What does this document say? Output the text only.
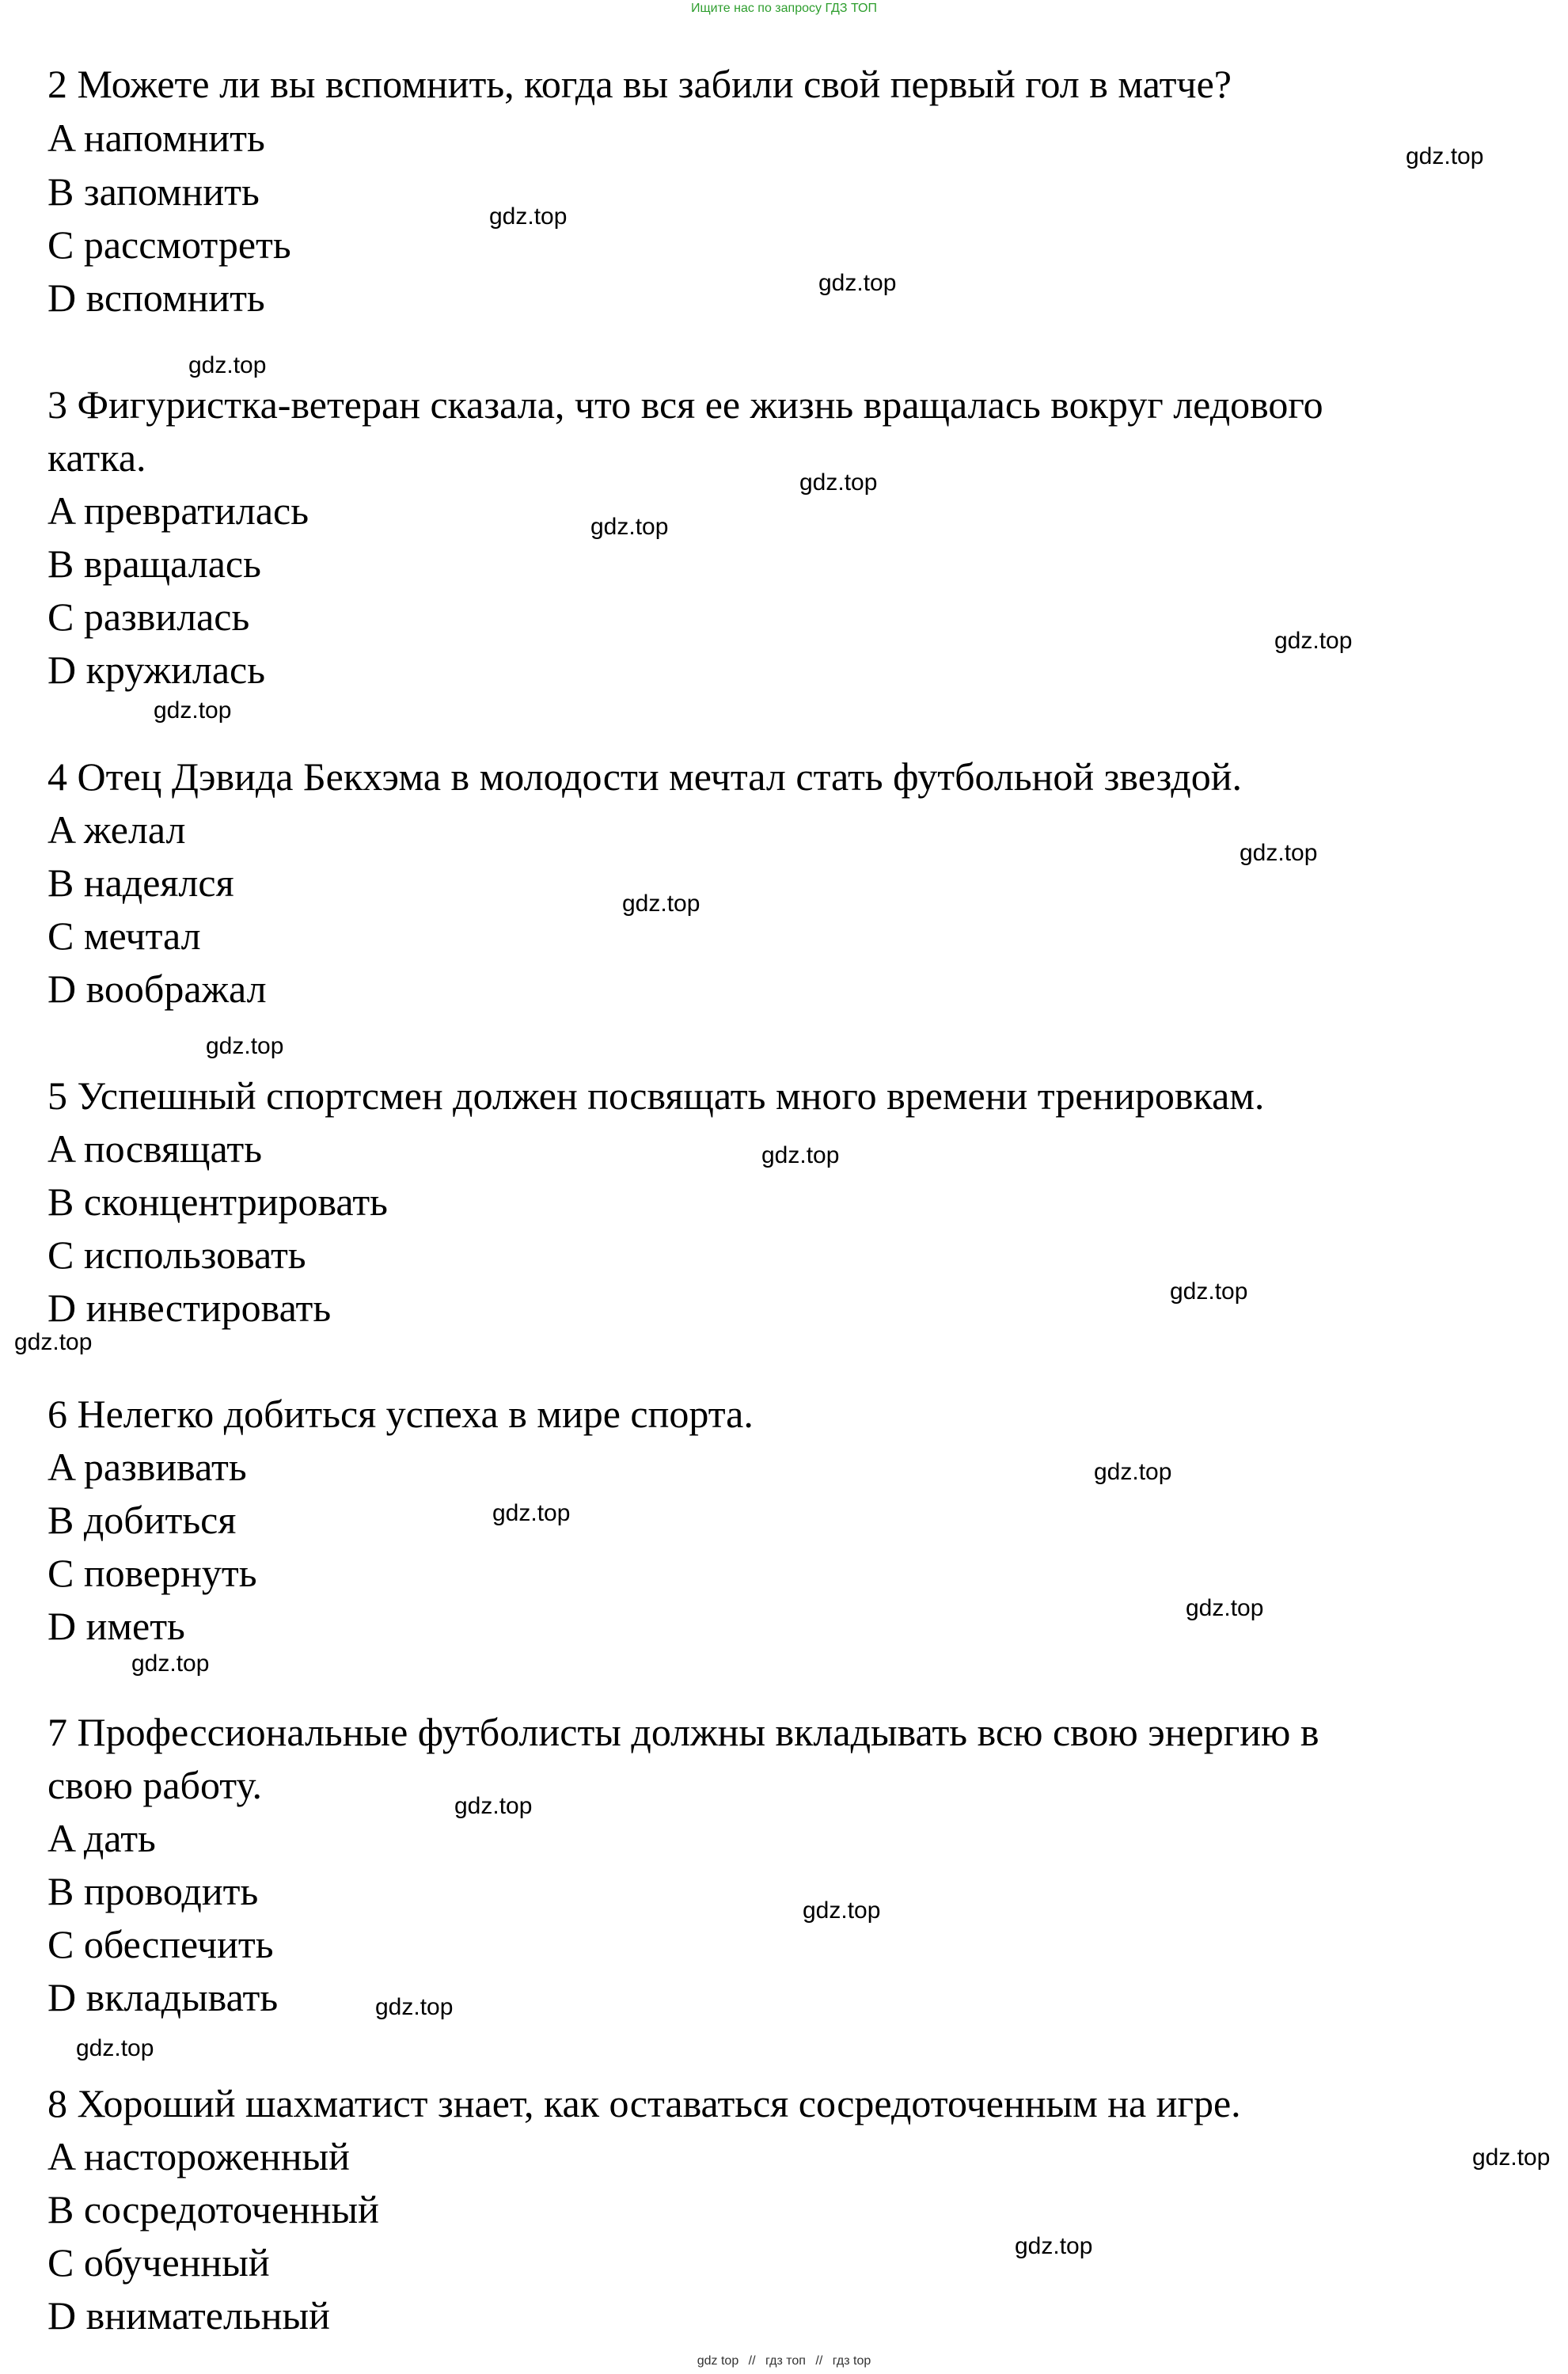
Ищите нас по запросу ГДЗ ТОП
2 Можете ли вы вспомнить, когда вы забили свой первый гол в матче?
A напомнить
B запомнить
C рассмотреть
D вспомнить
3 Фигуристка-ветеран сказала, что вся ее жизнь вращалась вокруг ледового
катка.
A превратилась
B вращалась
C развилась
D кружилась
4 Отец Дэвида Бекхэма в молодости мечтал стать футбольной звездой.
A желал
B надеялся
C мечтал
D воображал
5 Успешный спортсмен должен посвящать много времени тренировкам.
A посвящать
B сконцентрировать
C использовать
D инвестировать
6 Нелегко добиться успеха в мире спорта.
A развивать
B добиться
C повернуть
D иметь
7 Профессиональные футболисты должны вкладывать всю свою энергию в
свою работу.
A дать
B проводить
C обеспечить
D вкладывать
8 Хороший шахматист знает, как оставаться сосредоточенным на игре.
A настороженный
B сосредоточенный
C обученный
D внимательный
gdz.top
gdz.top
gdz.top
gdz.top
gdz.top
gdz.top
gdz.top
gdz.top
gdz.top
gdz.top
gdz.top
gdz.top
gdz.top
gdz.top
gdz.top
gdz.top
gdz.top
gdz.top
gdz.top
gdz.top
gdz.top
gdz.top
gdz.top
gdz.top
gdz top // гдз топ // гдз top
